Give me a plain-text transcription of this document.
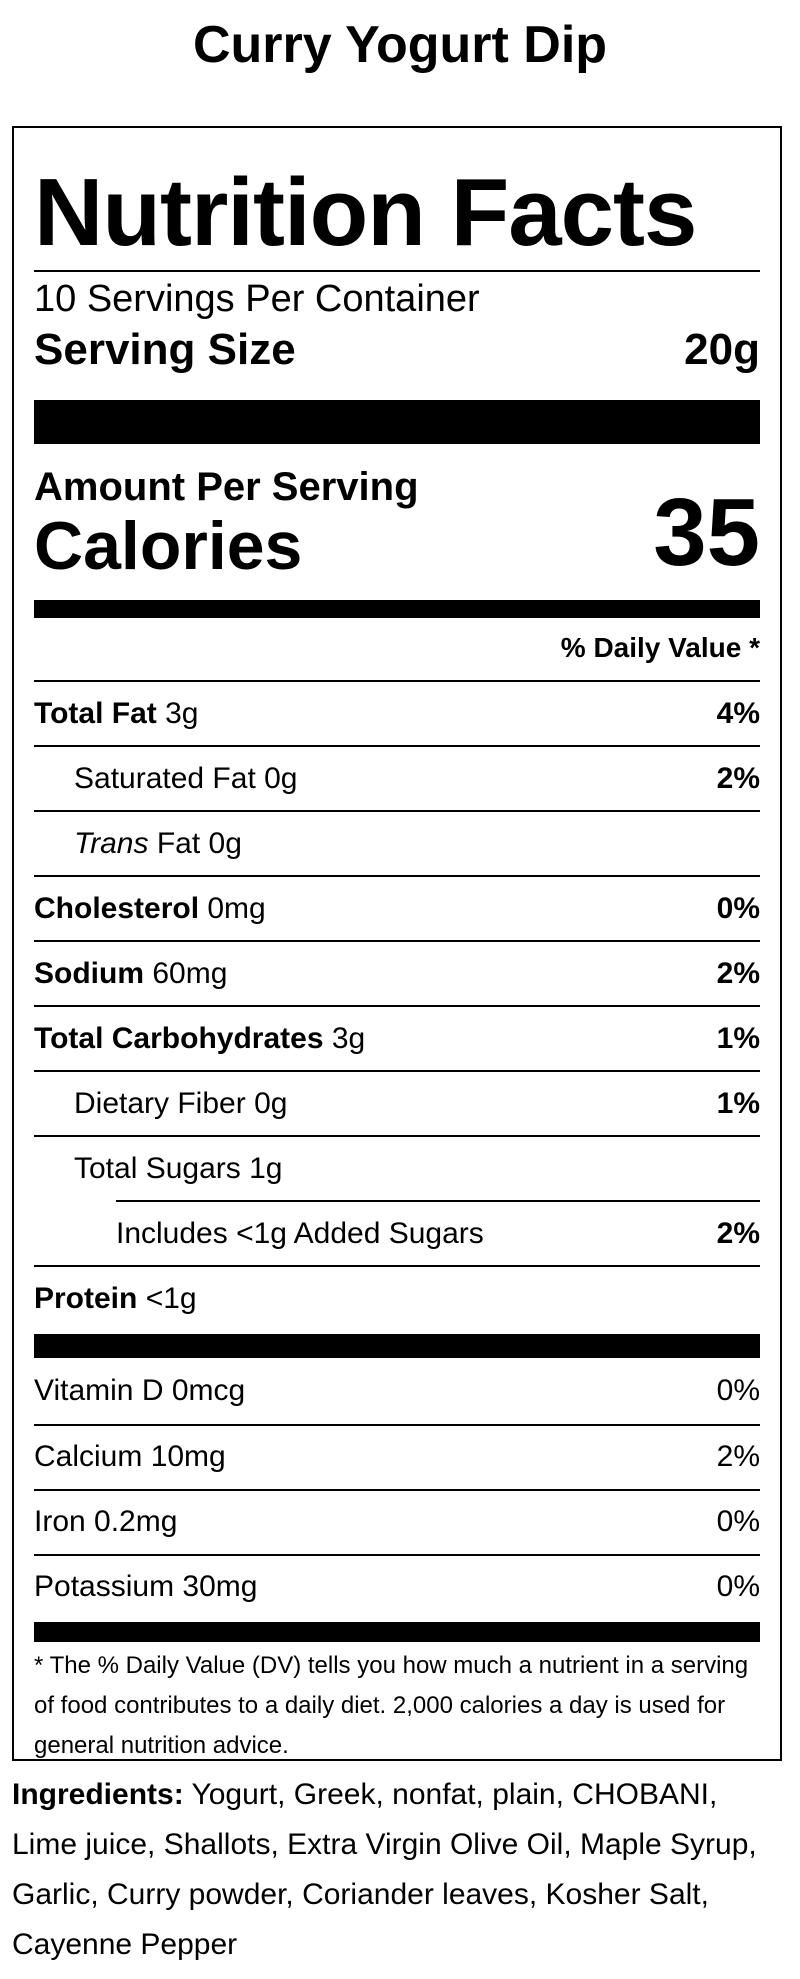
Curry Yogurt Dip
Nutrition Facts
10 Servings Per Container
Serving Size	20g
Amount Per Serving
Calories	35
% Daily Value *
Total Fat 3g	4%
Saturated Fat 0g	2%
Trans Fat 0g
Cholesterol 0mg	0%
Sodium 60mg	2%
Total Carbohydrates 3g	1%
Dietary Fiber 0g	1%
Total Sugars 1g
Includes <1g Added Sugars	2%
Protein <1g
Vitamin D 0mcg	0%
Calcium 10mg	2%
Iron 0.2mg	0%
Potassium 30mg	0%
* The % Daily Value (DV) tells you how much a nutrient in a serving of food contributes to a daily diet. 2,000 calories a day is used for general nutrition advice.
Ingredients: Yogurt, Greek, nonfat, plain, CHOBANI, Lime juice, Shallots, Extra Virgin Olive Oil, Maple Syrup, Garlic, Curry powder, Coriander leaves, Kosher Salt, Cayenne Pepper
